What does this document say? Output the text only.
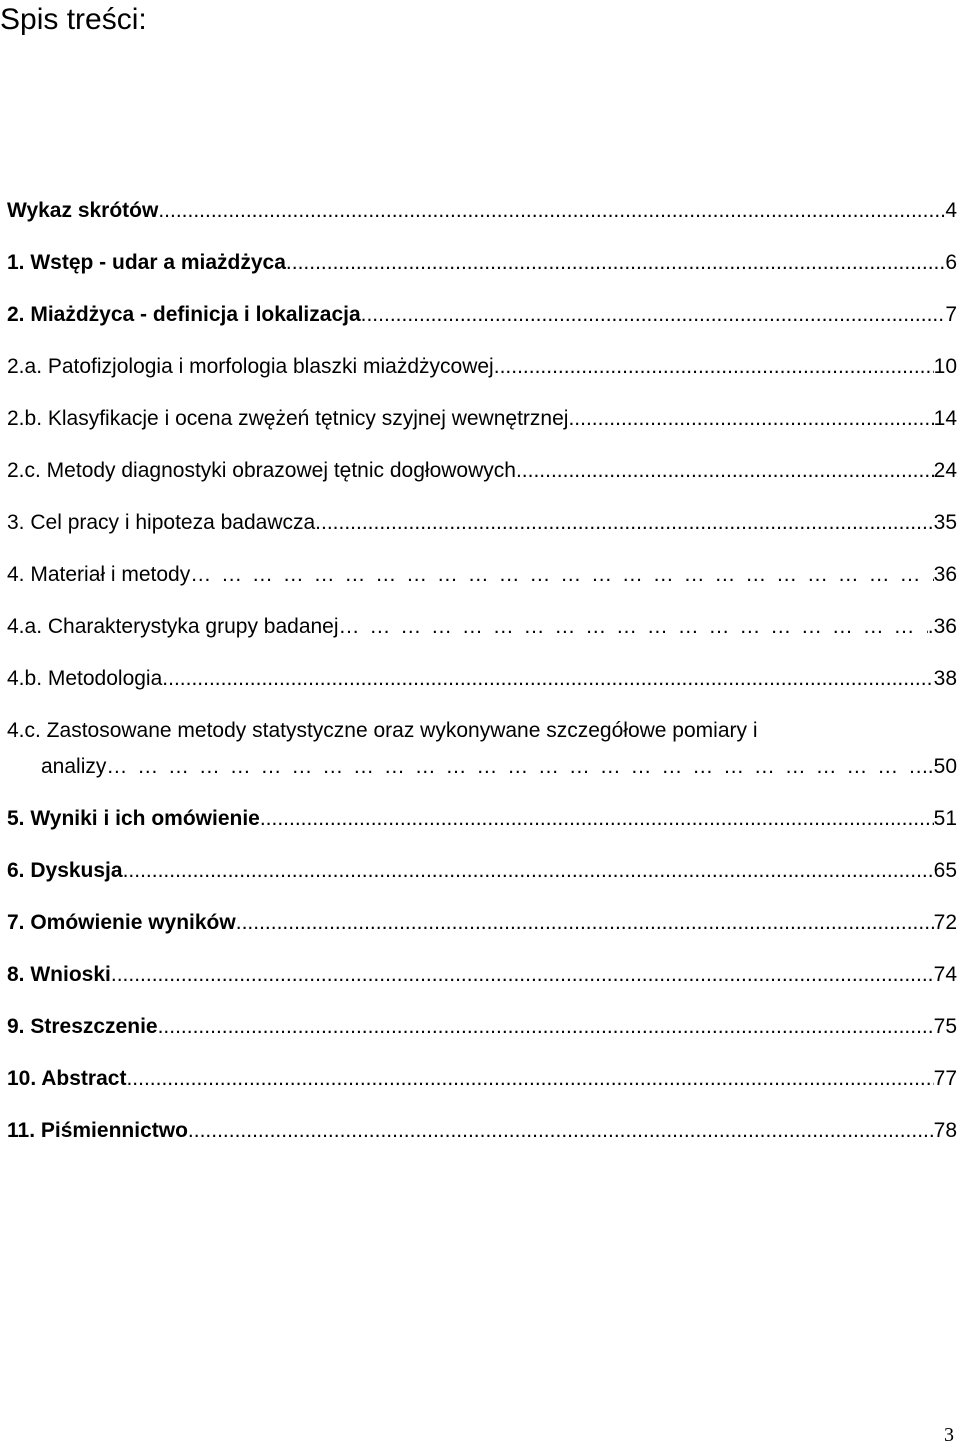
Spis treści:
Wykaz skrótów .....	4
1. Wstęp - udar a miażdżyca .....	6
2. Miażdżyca - definicja i lokalizacja .....	7
2.a. Patofizjologia i morfologia blaszki miażdżycowej .....	10
2.b. Klasyfikacje i ocena zwężeń tętnicy szyjnej wewnętrznej .....	14
2.c. Metody diagnostyki obrazowej tętnic dogłowowych .....	24
3. Cel pracy i hipoteza badawcza .....	35
4. Materiał i metody … … … … … … … … … … … … … … … … … … … … … … … … … … … … … … … … … … … … … … … … … … … … … … … … … … … … … …	36
4.a. Charakterystyka grupy badanej … … … … … … … … … … … … … … … … … … … … … … … … … … … … … … … … … … … … … … … … … … … … … … … … … … … … … …	.36
4.b. Metodologia .....	38
4.c. Zastosowane metody statystyczne oraz wykonywane szczegółowe pomiary i
analizy … … … … … … … … … … … … … … … … … … … … … … … … … … … … … … … … … … … … … … … … … … … … … … … … … … … … … …	..50
5. Wyniki i ich omówienie .....	51
6. Dyskusja .....	65
7. Omówienie wyników .....	72
8. Wnioski .....	74
9. Streszczenie .....	75
10. Abstract .....	77
11. Piśmiennictwo .....	78
3
